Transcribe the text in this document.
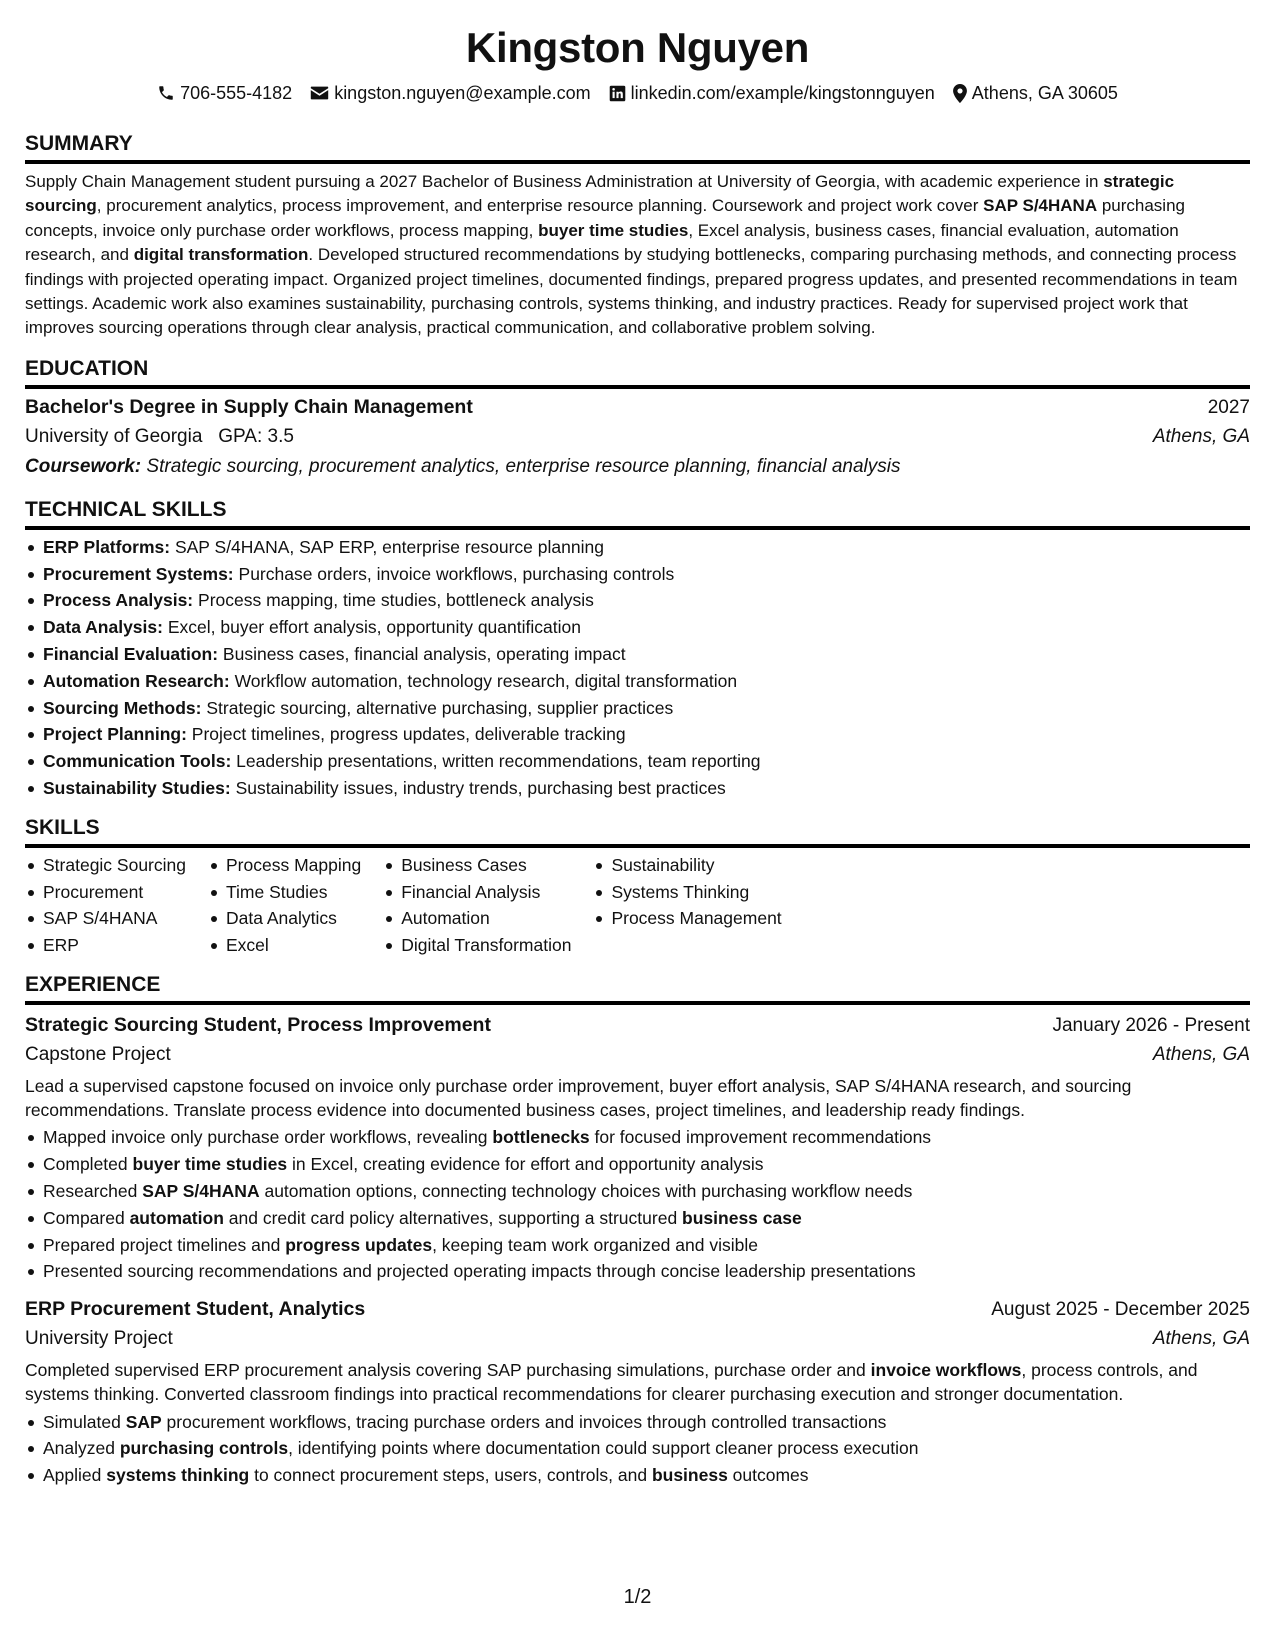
Kingston Nguyen
706-555-4182 kingston.nguyen@example.com linkedin.com/example/kingstonnguyen Athens, GA 30605
SUMMARY

Supply Chain Management student pursuing a 2027 Bachelor of Business Administration at University of Georgia, with academic experience in strategic sourcing, procurement analytics, process improvement, and enterprise resource planning. Coursework and project work cover SAP S/4HANA purchasing concepts, invoice only purchase order workflows, process mapping, buyer time studies, Excel analysis, business cases, financial evaluation, automation research, and digital transformation. Developed structured recommendations by studying bottlenecks, comparing purchasing methods, and connecting process findings with projected operating impact. Organized project timelines, documented findings, prepared progress updates, and presented recommendations in team settings. Academic work also examines sustainability, purchasing controls, systems thinking, and industry practices. Ready for supervised project work that improves sourcing operations through clear analysis, practical communication, and collaborative problem solving.

EDUCATION
Bachelor's Degree in Supply Chain Management	2027
University of Georgia GPA: 3.5	Athens, GA
Coursework: Strategic sourcing, procurement analytics, enterprise resource planning, financial analysis
TECHNICAL SKILLS
ERP Platforms: SAP S/4HANA, SAP ERP, enterprise resource planning
Procurement Systems: Purchase orders, invoice workflows, purchasing controls
Process Analysis: Process mapping, time studies, bottleneck analysis
Data Analysis: Excel, buyer effort analysis, opportunity quantification
Financial Evaluation: Business cases, financial analysis, operating impact
Automation Research: Workflow automation, technology research, digital transformation
Sourcing Methods: Strategic sourcing, alternative purchasing, supplier practices
Project Planning: Project timelines, progress updates, deliverable tracking
Communication Tools: Leadership presentations, written recommendations, team reporting
Sustainability Studies: Sustainability issues, industry trends, purchasing best practices
SKILLS
Strategic Sourcing
Procurement
SAP S/4HANA
ERP
Process Mapping
Time Studies
Data Analytics
Excel
Business Cases
Financial Analysis
Automation
Digital Transformation
Sustainability
Systems Thinking
Process Management
EXPERIENCE
Strategic Sourcing Student, Process Improvement	January 2026 - Present
Capstone Project	Athens, GA

Lead a supervised capstone focused on invoice only purchase order improvement, buyer effort analysis, SAP S/4HANA research, and sourcing recommendations. Translate process evidence into documented business cases, project timelines, and leadership ready findings.

Mapped invoice only purchase order workflows, revealing bottlenecks for focused improvement recommendations
Completed buyer time studies in Excel, creating evidence for effort and opportunity analysis
Researched SAP S/4HANA automation options, connecting technology choices with purchasing workflow needs
Compared automation and credit card policy alternatives, supporting a structured business case
Prepared project timelines and progress updates, keeping team work organized and visible
Presented sourcing recommendations and projected operating impacts through concise leadership presentations
ERP Procurement Student, Analytics	August 2025 - December 2025
University Project	Athens, GA

Completed supervised ERP procurement analysis covering SAP purchasing simulations, purchase order and invoice workflows, process controls, and systems thinking. Converted classroom findings into practical recommendations for clearer purchasing execution and stronger documentation.

Simulated SAP procurement workflows, tracing purchase orders and invoices through controlled transactions
Analyzed purchasing controls, identifying points where documentation could support cleaner process execution
Applied systems thinking to connect procurement steps, users, controls, and business outcomes
1/2
